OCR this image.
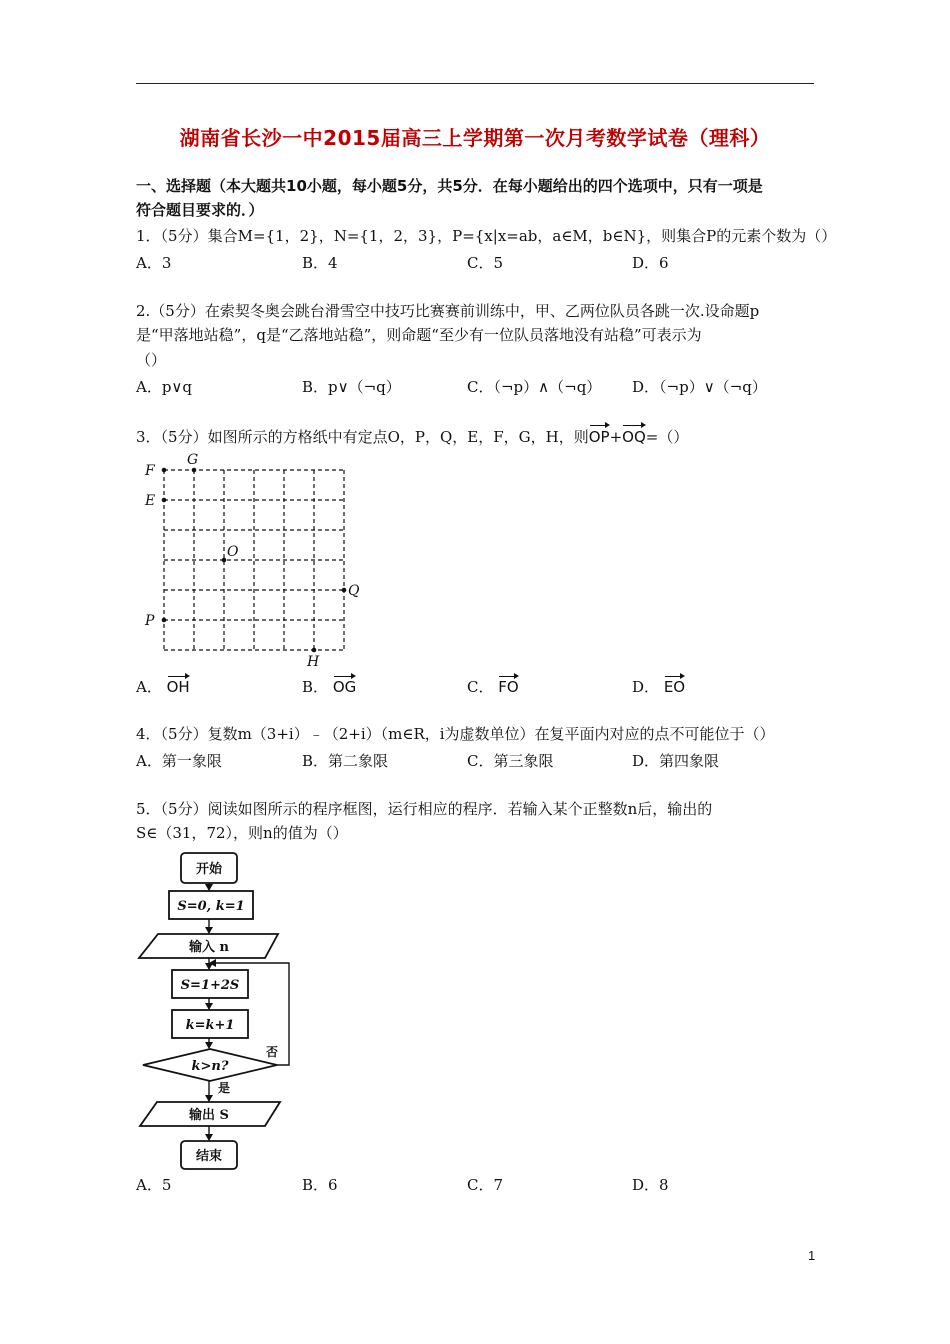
湖南省长沙一中2015届高三上学期第一次月考数学试卷（理科）
一、选择题（本大题共10小题，每小题5分，共5分．在每小题给出的四个选项中，只有一项是
符合题目要求的．）
1．（5分）集合M={1，2}，N={1，2，3}，P={x|x=ab，a∈M，b∈N}，则集合P的元素个数为（）
A．3	B．4	C．5	D．6
2.（5分）在索契冬奥会跳台滑雪空中技巧比赛赛前训练中，甲、乙两位队员各跳一次.设命题p
是“甲落地站稳”，q是“乙落地站稳”，则命题“至少有一位队员落地没有站稳”可表示为
（）
A．p∨q	B．p∨（¬q）	C．（¬p）∧（¬q） D．（¬p）∨（¬q）
3．（5分）如图所示的方格纸中有定点O，P，Q，E，F，G，H，则OP+OQ=（）
F
G
E
O
Q
P
H
A． OH	B． OG	C． FO	D． EO
4．（5分）复数m（3+i）﹣（2+i）（m∈R，i为虚数单位）在复平面内对应的点不可能位于（）
A．第一象限	B．第二象限	C．第三象限	D．第四象限
5．（5分）阅读如图所示的程序框图，运行相应的程序．若输入某个正整数n后，输出的
S∈（31，72），则n的值为（）
开始
S=0, k=1
输入 n
S=1+2S
k=k+1
k>n?
否
是
输出 S
结束
A．5	B．6	C．7	D．8
1
